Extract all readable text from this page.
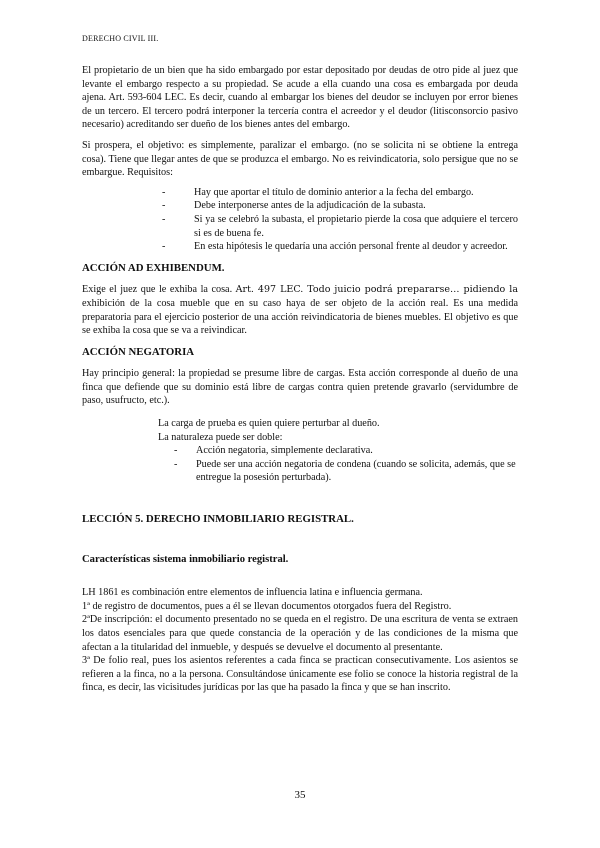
DERECHO CIVIL III.

El propietario de un bien que ha sido embargado por estar depositado por deudas de otro pide al juez que levante el embargo respecto a su propiedad. Se acude a ella cuando una cosa es embargada por deuda ajena. Art. 593-604 LEC. Es decir, cuando al embargar los bienes del deudor se incluyen por error bienes de un tercero. El tercero podrá interponer la tercería contra el acreedor y el deudor (litisconsorcio pasivo necesario) acreditando ser dueño de los bienes antes del embargo.

Si prospera, el objetivo: es simplemente, paralizar el embargo. (no se solicita ni se obtiene la entrega cosa). Tiene que llegar antes de que se produzca el embargo. No es reivindicatoria, solo persigue que no se embargue. Requisitos:

- Hay que aportar el título de dominio anterior a la fecha del embargo.
- Debe interponerse antes de la adjudicación de la subasta.
- Si ya se celebró la subasta, el propietario pierde la cosa que adquiere el tercero si es de buena fe.
- En esta hipótesis le quedaría una acción personal frente al deudor y acreedor.
ACCIÓN AD EXHIBENDUM.

Exige el juez que le exhiba la cosa. Art. 497 LEC. Todo juicio podrá prepararse… pidiendo la exhibición de la cosa mueble que en su caso haya de ser objeto de la acción real. Es una medida preparatoria para el ejercicio posterior de una acción reivindicatoria de bienes muebles. El objetivo es que se exhiba la cosa que se va a reivindicar.

ACCIÓN NEGATORIA

Hay principio general: la propiedad se presume libre de cargas. Esta acción corresponde al dueño de una finca que defiende que su dominio está libre de cargas contra quien pretende gravarlo (servidumbre de paso, usufructo, etc.).

La carga de prueba es quien quiere perturbar al dueño.
La naturaleza puede ser doble:
- Acción negatoria, simplemente declarativa.
- Puede ser una acción negatoria de condena (cuando se solicita, además, que se entregue la posesión perturbada).
LECCIÓN 5. DERECHO INMOBILIARIO REGISTRAL.
Características sistema inmobiliario registral.

LH 1861 es combinación entre elementos de influencia latina e influencia germana.

1ª de registro de documentos, pues a él se llevan documentos otorgados fuera del Registro.

2ªDe inscripción: el documento presentado no se queda en el registro. De una escritura de venta se extraen los datos esenciales para que quede constancia de la operación y de las condiciones de la misma que afectan a la titularidad del inmueble, y después se devuelve el documento al presentante.

3ª De folio real, pues los asientos referentes a cada finca se practican consecutivamente. Los asientos se refieren a la finca, no a la persona. Consultándose únicamente ese folio se conoce la historia registral de la finca, es decir, las vicisitudes jurídicas por las que ha pasado la finca y que se han inscrito.

35
